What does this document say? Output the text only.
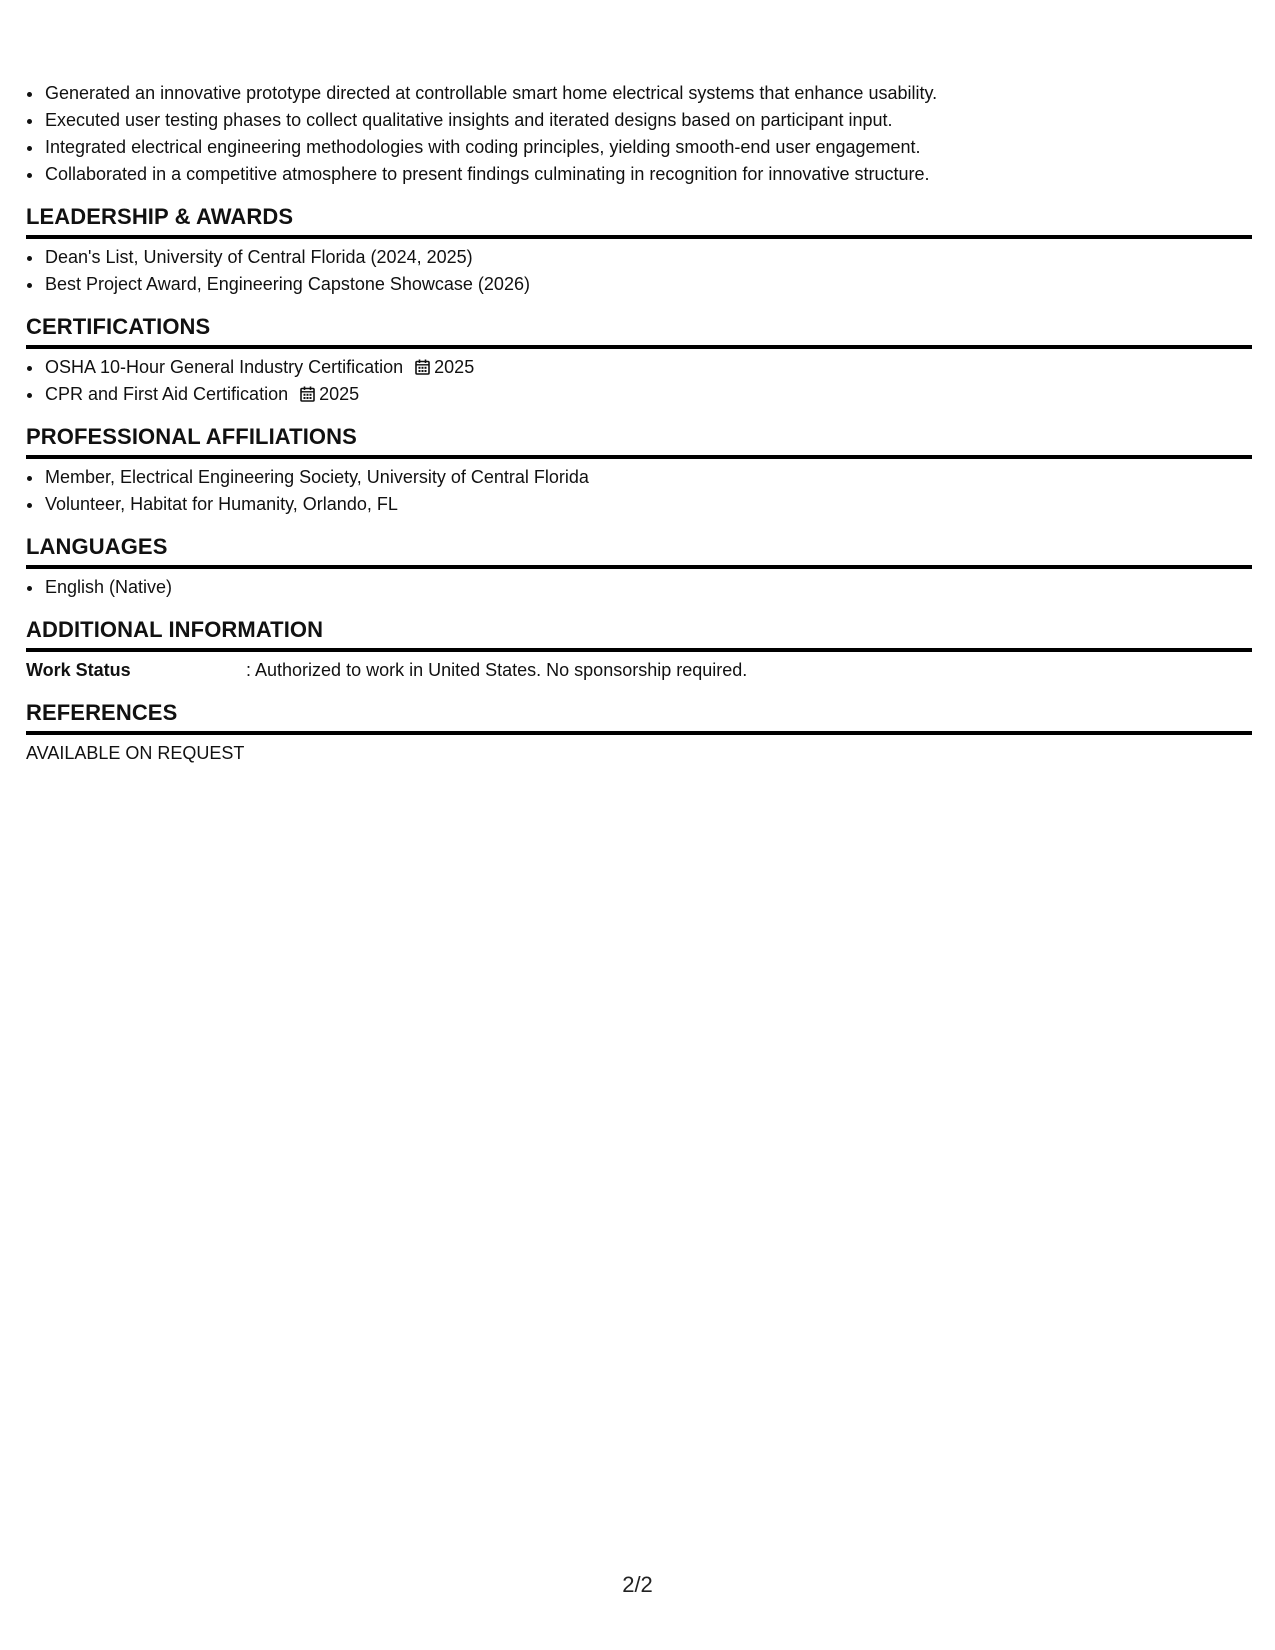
• Generated an innovative prototype directed at controllable smart home electrical systems that enhance usability.
• Executed user testing phases to collect qualitative insights and iterated designs based on participant input.
• Integrated electrical engineering methodologies with coding principles, yielding smooth-end user engagement.
• Collaborated in a competitive atmosphere to present findings culminating in recognition for innovative structure.
LEADERSHIP & AWARDS
• Dean's List, University of Central Florida (2024, 2025)
• Best Project Award, Engineering Capstone Showcase (2026)
CERTIFICATIONS
• OSHA 10-Hour General Industry Certification 2025
• CPR and First Aid Certification 2025
PROFESSIONAL AFFILIATIONS
• Member, Electrical Engineering Society, University of Central Florida
• Volunteer, Habitat for Humanity, Orlando, FL
LANGUAGES
• English (Native)
ADDITIONAL INFORMATION
Work Status	: Authorized to work in United States. No sponsorship required.
REFERENCES
AVAILABLE ON REQUEST
2/2
